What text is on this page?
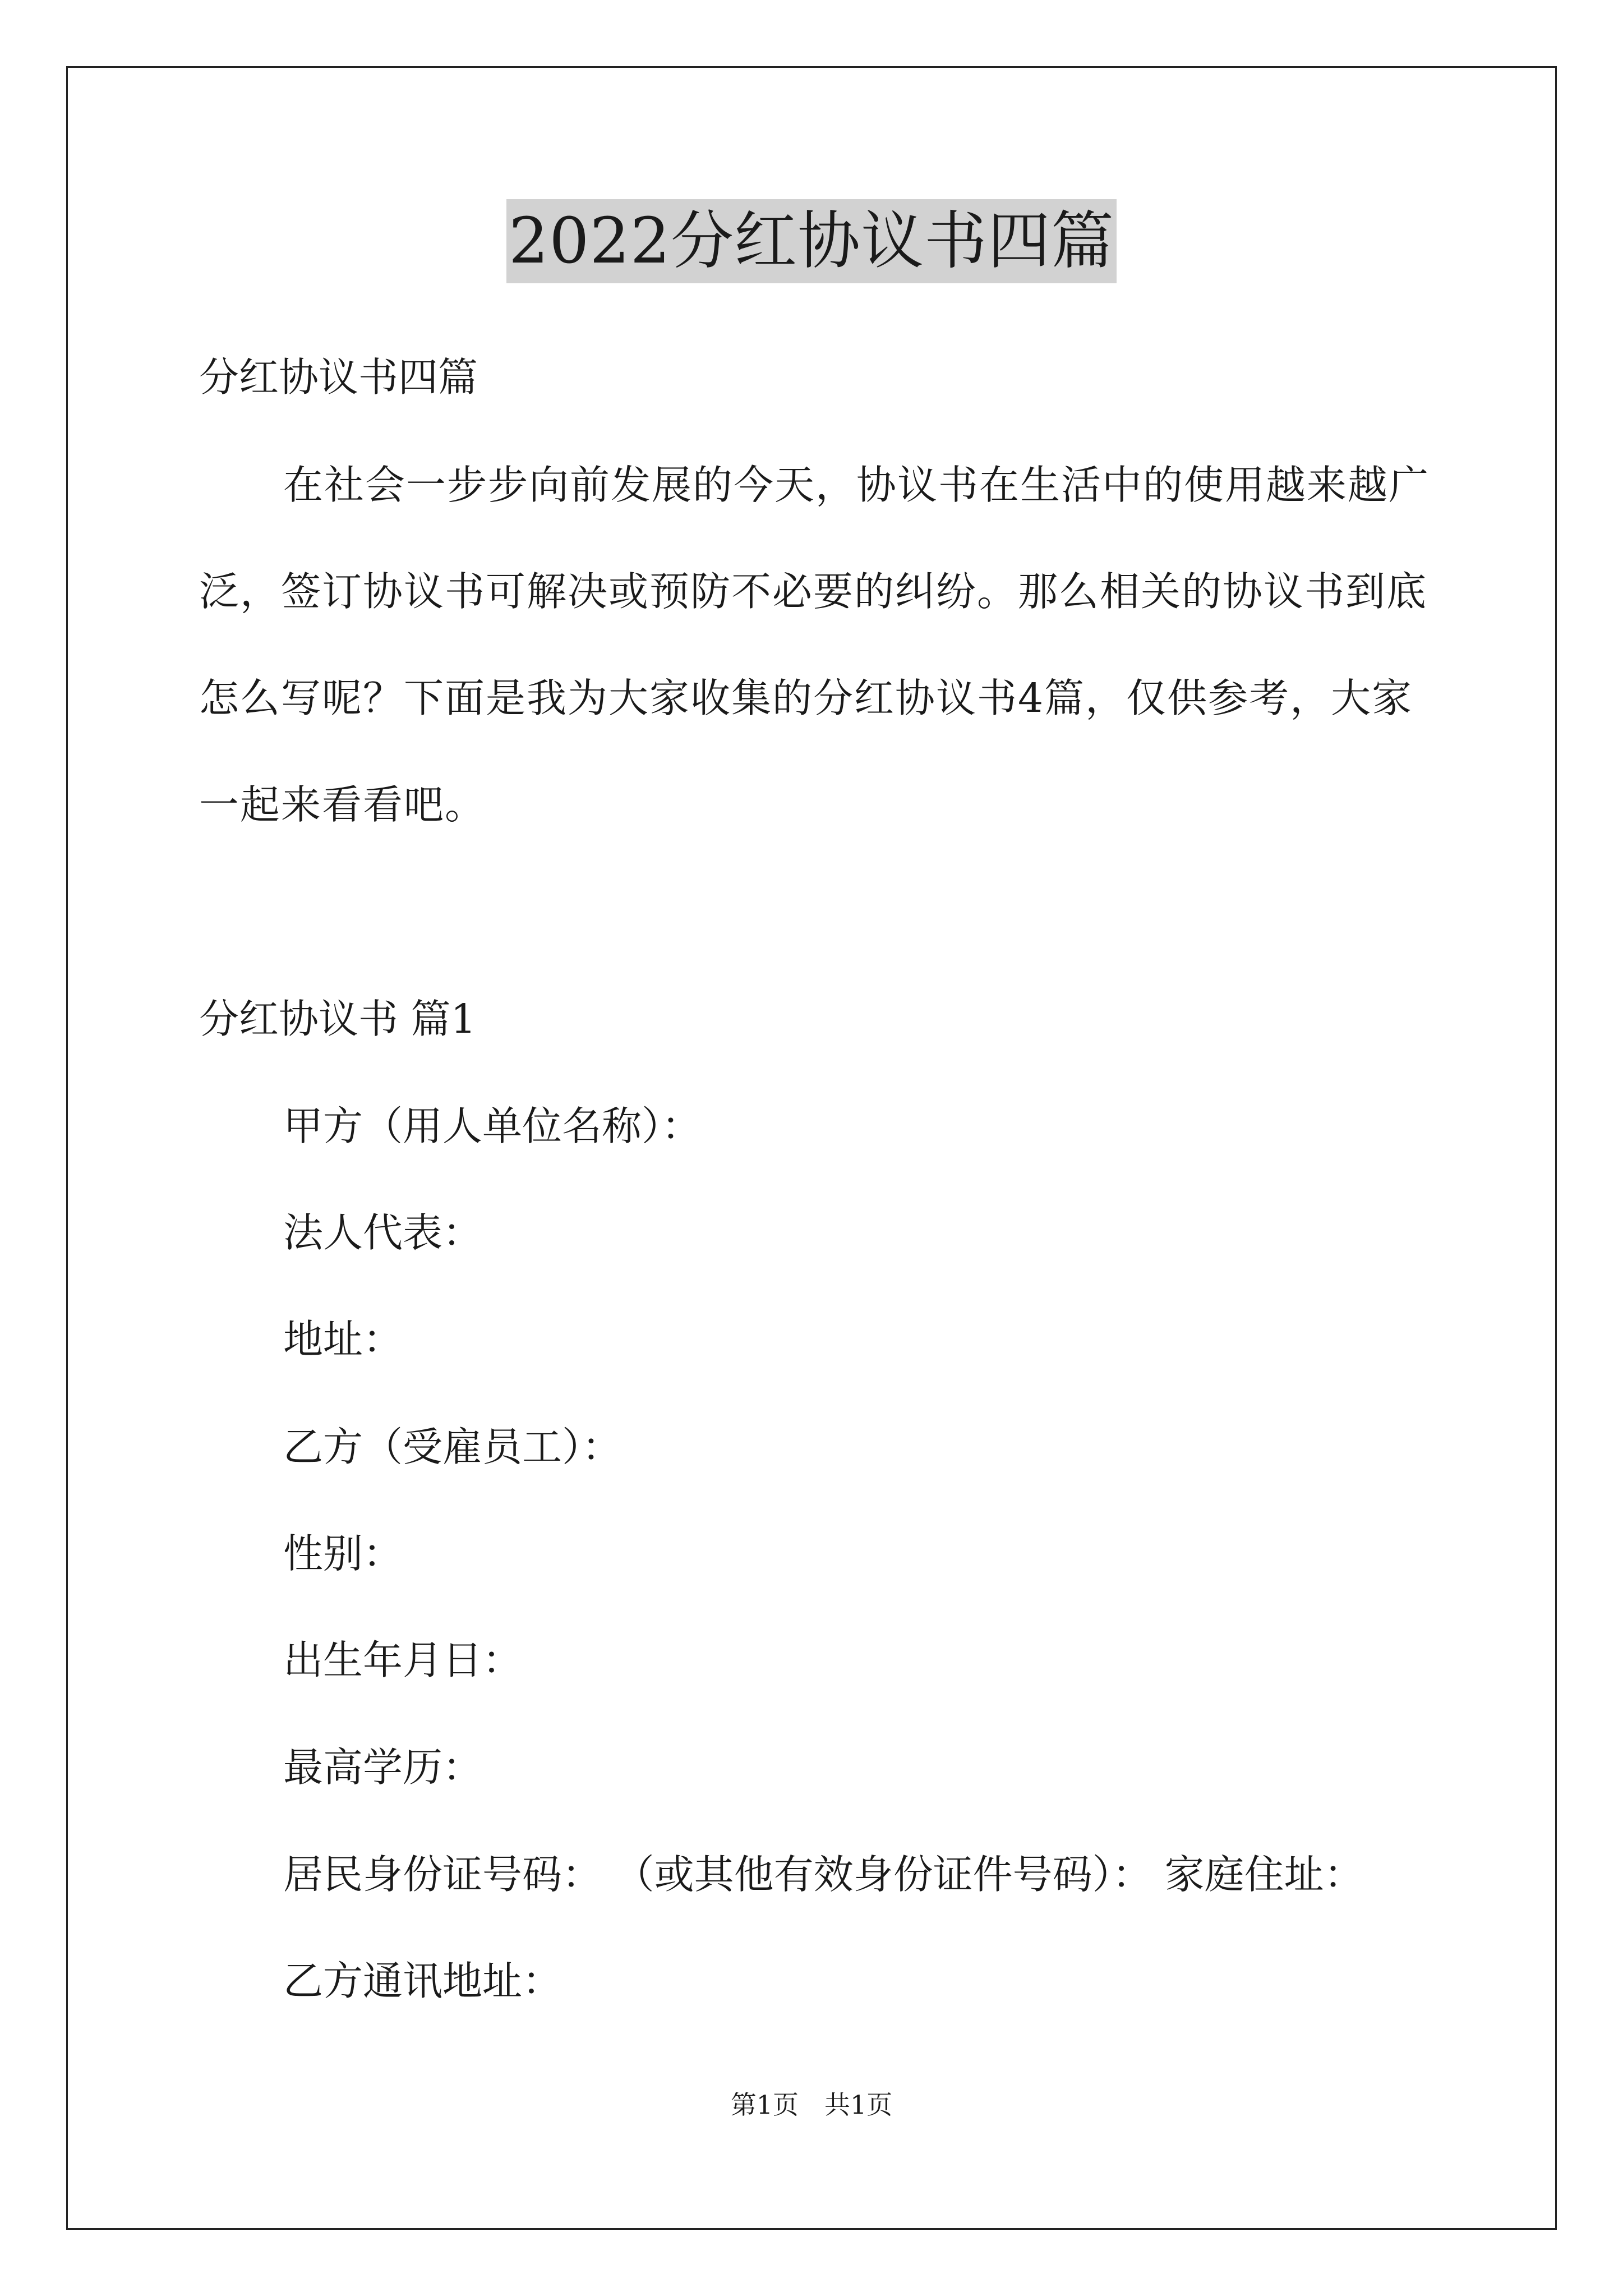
2022分红协议书四篇
分红协议书四篇
在社会一步步向前发展的今天，协议书在生活中的使用越来越广
泛，签订协议书可解决或预防不必要的纠纷。那么相关的协议书到底
怎么写呢？下面是我为大家收集的分红协议书4篇，仅供参考，大家
一起来看看吧。
分红协议书 篇1
甲方（用人单位名称）：
法人代表：
地址：
乙方（受雇员工）：
性别：
出生年月日：
最高学历：
居民身份证号码： （或其他有效身份证件号码）： 家庭住址：
乙方通讯地址：
第1页　共1页
